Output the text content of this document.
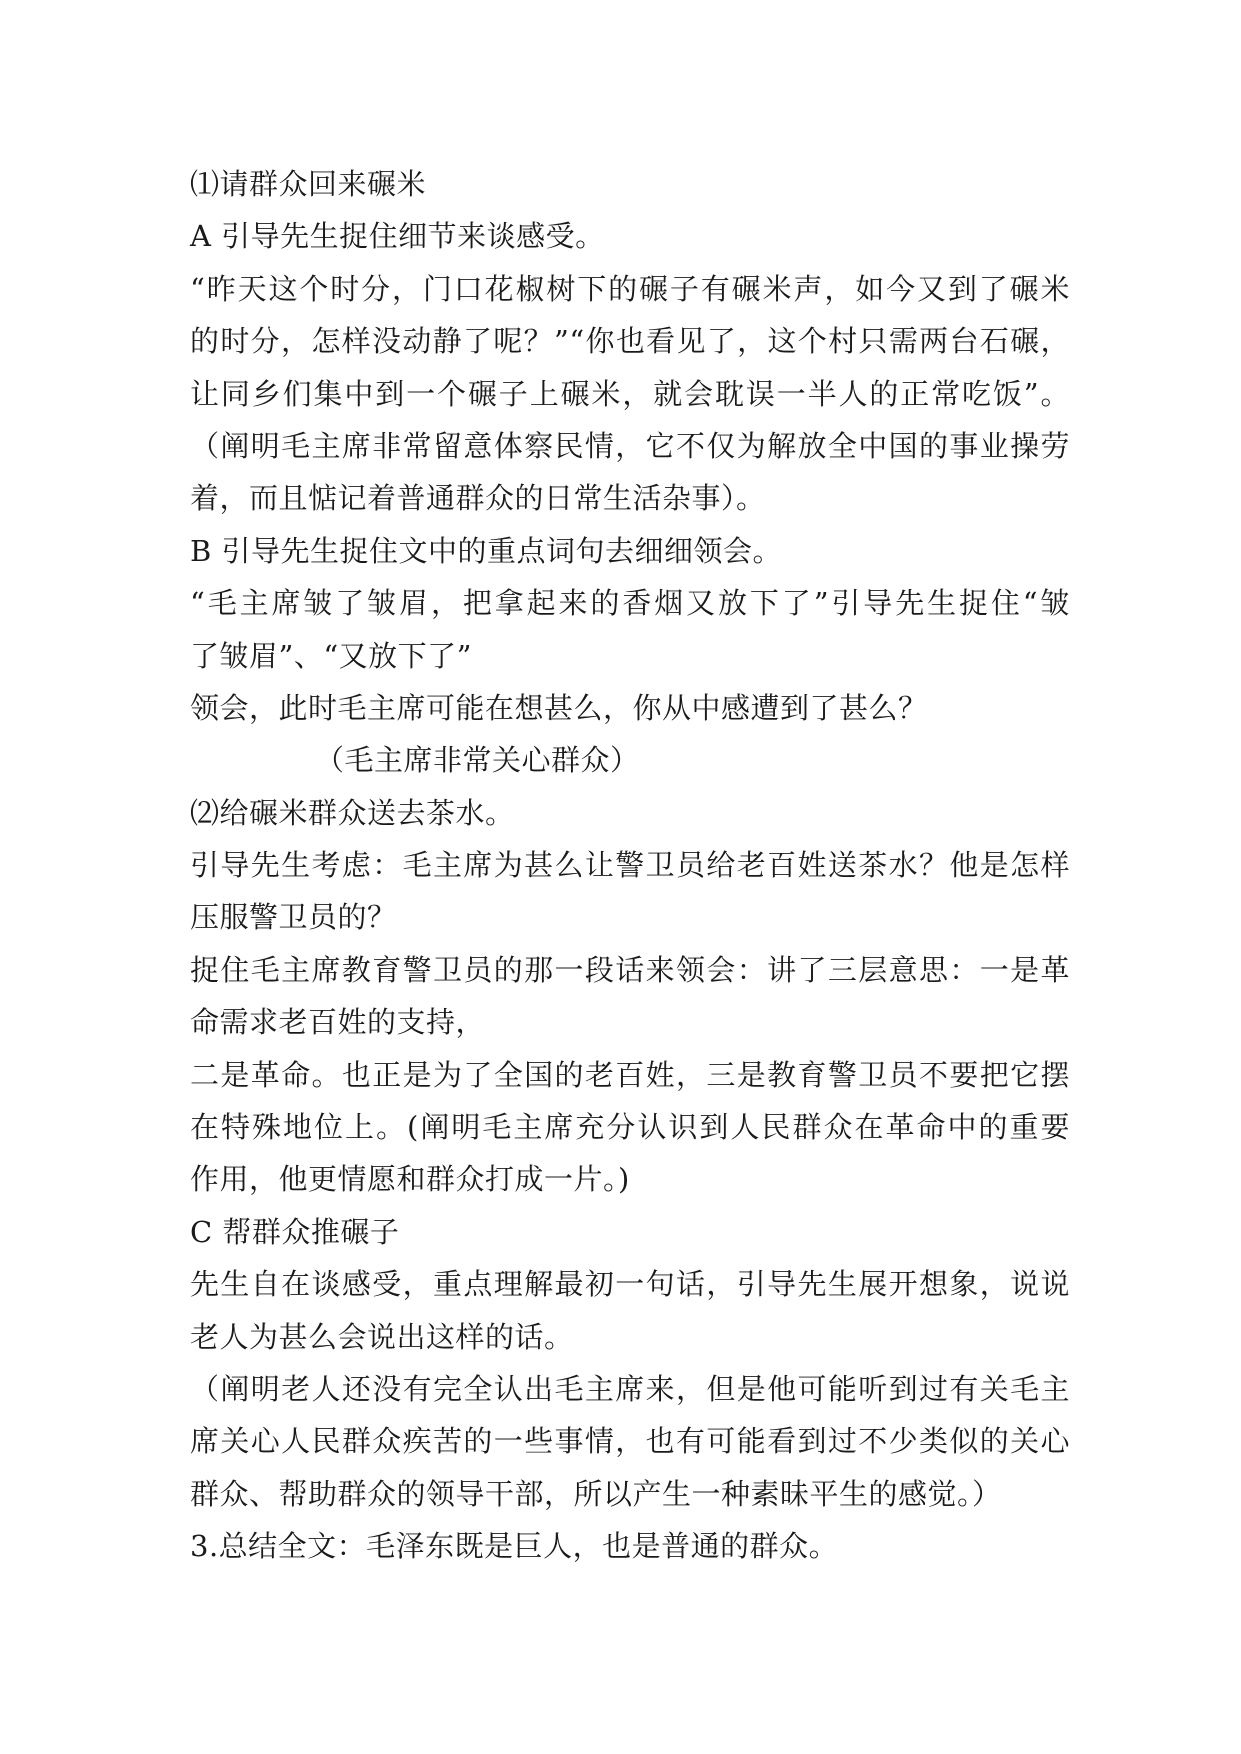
⑴请群众回来碾米
A 引导先生捉住细节来谈感受。
“昨天这个时分，门口花椒树下的碾子有碾米声，如今又到了碾米
的时分，怎样没动静了呢？”“你也看见了，这个村只需两台石碾，
让同乡们集中到一个碾子上碾米，就会耽误一半人的正常吃饭”。
（阐明毛主席非常留意体察民情，它不仅为解放全中国的事业操劳
着，而且惦记着普通群众的日常生活杂事）。
B 引导先生捉住文中的重点词句去细细领会。
“毛主席皱了皱眉，把拿起来的香烟又放下了”引导先生捉住“皱
了皱眉”、“又放下了”
领会，此时毛主席可能在想甚么，你从中感遭到了甚么？
（毛主席非常关心群众）
⑵给碾米群众送去茶水。
引导先生考虑：毛主席为甚么让警卫员给老百姓送茶水？他是怎样
压服警卫员的？
捉住毛主席教育警卫员的那一段话来领会：讲了三层意思：一是革
命需求老百姓的支持，
二是革命。也正是为了全国的老百姓，三是教育警卫员不要把它摆
在特殊地位上。(阐明毛主席充分认识到人民群众在革命中的重要
作用，他更情愿和群众打成一片。)
C 帮群众推碾子
先生自在谈感受，重点理解最初一句话，引导先生展开想象，说说
老人为甚么会说出这样的话。
（阐明老人还没有完全认出毛主席来，但是他可能听到过有关毛主
席关心人民群众疾苦的一些事情，也有可能看到过不少类似的关心
群众、帮助群众的领导干部，所以产生一种素昧平生的感觉。）
3.总结全文：毛泽东既是巨人，也是普通的群众。
